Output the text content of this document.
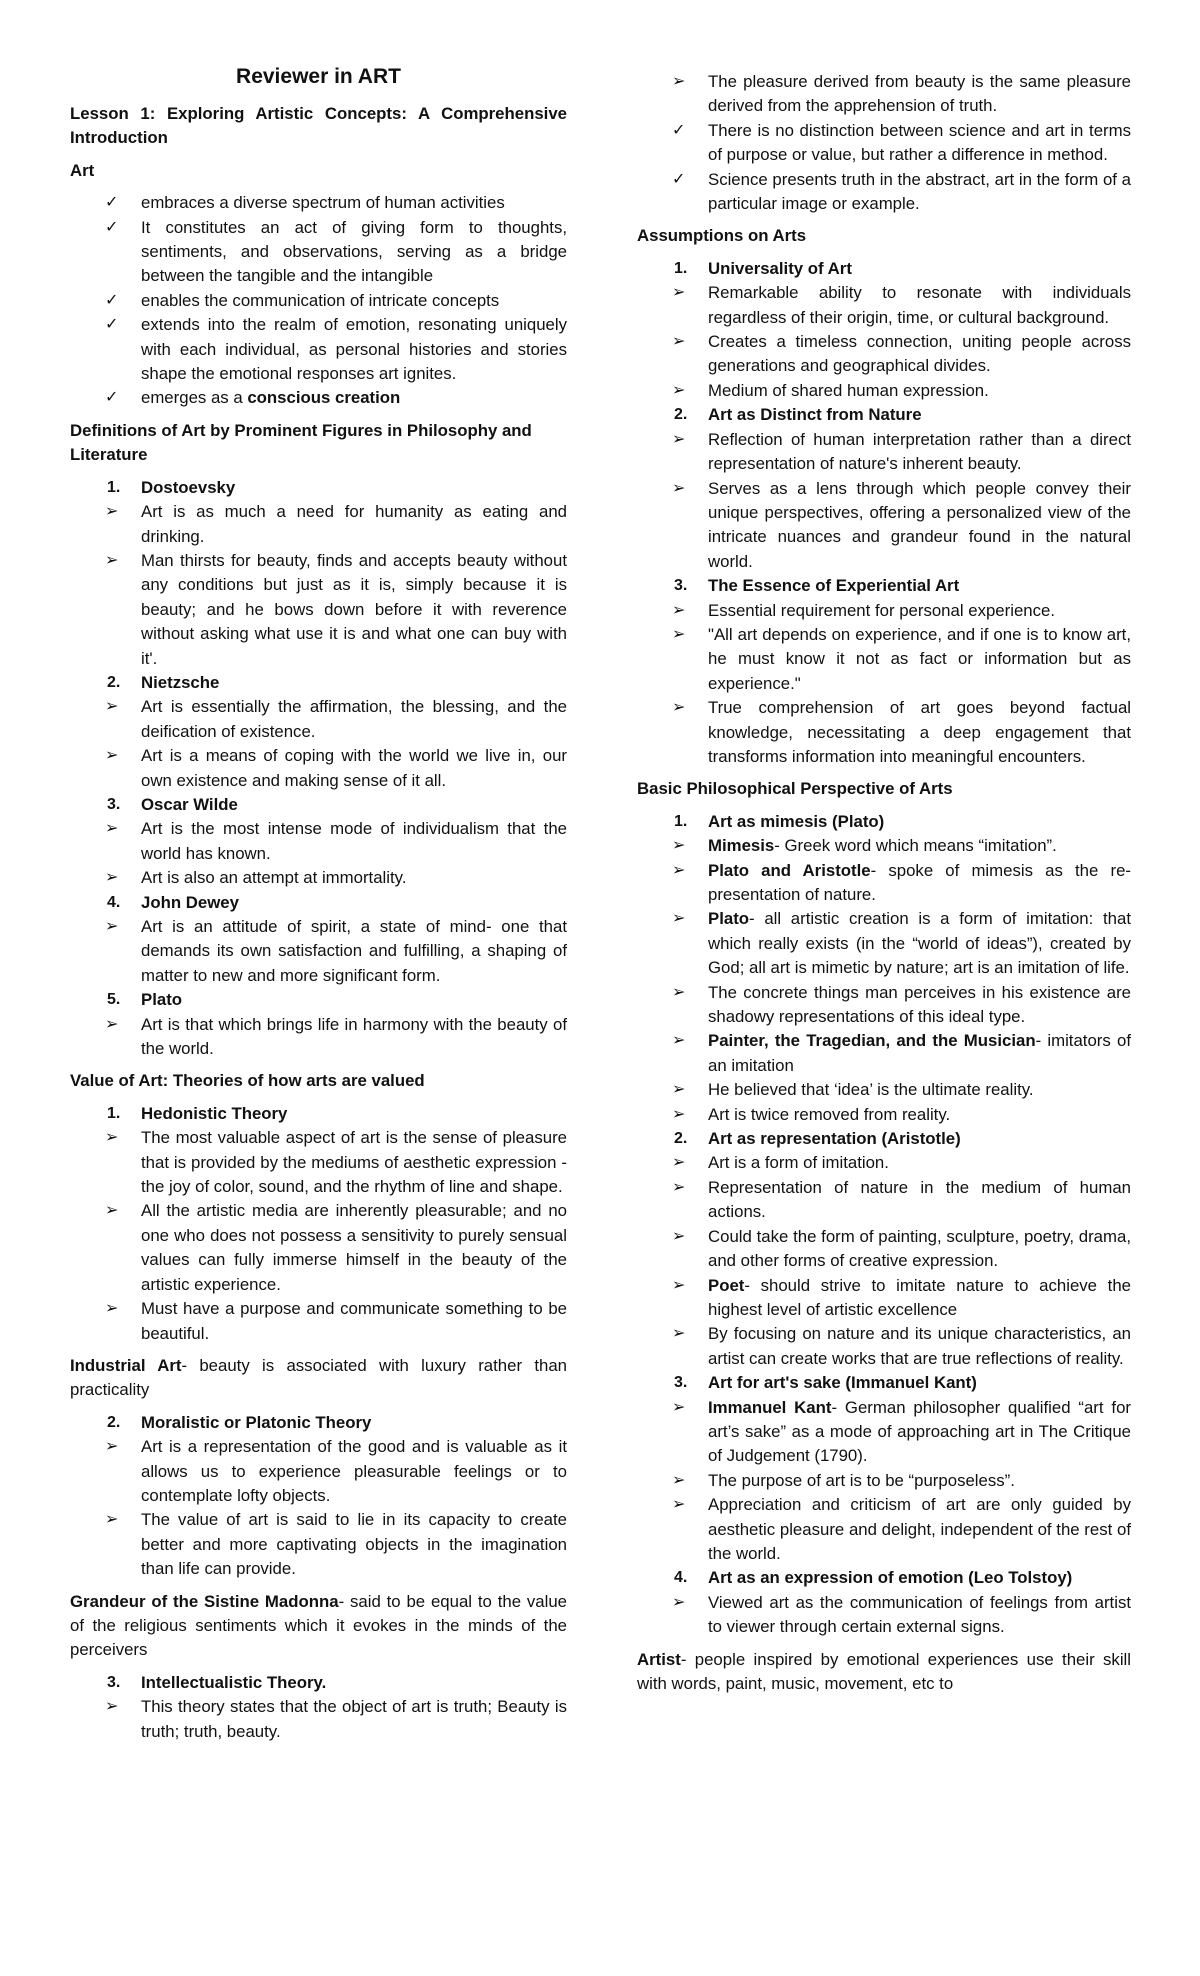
Reviewer in ART
Lesson 1: Exploring Artistic Concepts: A Comprehensive Introduction
Art
✓ embraces a diverse spectrum of human activities
✓ It constitutes an act of giving form to thoughts, sentiments, and observations, serving as a bridge between the tangible and the intangible
✓ enables the communication of intricate concepts
✓ extends into the realm of emotion, resonating uniquely with each individual, as personal histories and stories shape the emotional responses art ignites.
✓ emerges as a conscious creation
Definitions of Art by Prominent Figures in Philosophy and Literature
1. Dostoevsky
➢ Art is as much a need for humanity as eating and drinking.
➢ Man thirsts for beauty, finds and accepts beauty without any conditions but just as it is, simply because it is beauty; and he bows down before it with reverence without asking what use it is and what one can buy with it'.
2. Nietzsche
➢ Art is essentially the affirmation, the blessing, and the deification of existence.
➢ Art is a means of coping with the world we live in, our own existence and making sense of it all.
3. Oscar Wilde
➢ Art is the most intense mode of individualism that the world has known.
➢ Art is also an attempt at immortality.
4. John Dewey
➢ Art is an attitude of spirit, a state of mind- one that demands its own satisfaction and fulfilling, a shaping of matter to new and more significant form.
5. Plato
➢ Art is that which brings life in harmony with the beauty of the world.
Value of Art: Theories of how arts are valued
1. Hedonistic Theory
➢ The most valuable aspect of art is the sense of pleasure that is provided by the mediums of aesthetic expression - the joy of color, sound, and the rhythm of line and shape.
➢ All the artistic media are inherently pleasurable; and no one who does not possess a sensitivity to purely sensual values can fully immerse himself in the beauty of the artistic experience.
➢ Must have a purpose and communicate something to be beautiful.

Industrial Art- beauty is associated with luxury rather than practicality

2. Moralistic or Platonic Theory
➢ Art is a representation of the good and is valuable as it allows us to experience pleasurable feelings or to contemplate lofty objects.
➢ The value of art is said to lie in its capacity to create better and more captivating objects in the imagination than life can provide.

Grandeur of the Sistine Madonna- said to be equal to the value of the religious sentiments which it evokes in the minds of the perceivers

3. Intellectualistic Theory.
➢ This theory states that the object of art is truth; Beauty is truth; truth, beauty.
➢ The pleasure derived from beauty is the same pleasure derived from the apprehension of truth.
✓ There is no distinction between science and art in terms of purpose or value, but rather a difference in method.
✓ Science presents truth in the abstract, art in the form of a particular image or example.
Assumptions on Arts
1. Universality of Art
➢ Remarkable ability to resonate with individuals regardless of their origin, time, or cultural background.
➢ Creates a timeless connection, uniting people across generations and geographical divides.
➢ Medium of shared human expression.
2. Art as Distinct from Nature
➢ Reflection of human interpretation rather than a direct representation of nature's inherent beauty.
➢ Serves as a lens through which people convey their unique perspectives, offering a personalized view of the intricate nuances and grandeur found in the natural world.
3. The Essence of Experiential Art
➢ Essential requirement for personal experience.
➢ "All art depends on experience, and if one is to know art, he must know it not as fact or information but as experience."
➢ True comprehension of art goes beyond factual knowledge, necessitating a deep engagement that transforms information into meaningful encounters.
Basic Philosophical Perspective of Arts
1. Art as mimesis (Plato)
➢ Mimesis- Greek word which means “imitation”.
➢ Plato and Aristotle- spoke of mimesis as the re-presentation of nature.
➢ Plato- all artistic creation is a form of imitation: that which really exists (in the “world of ideas”), created by God; all art is mimetic by nature; art is an imitation of life.
➢ The concrete things man perceives in his existence are shadowy representations of this ideal type.
➢ Painter, the Tragedian, and the Musician- imitators of an imitation
➢ He believed that ‘idea’ is the ultimate reality.
➢ Art is twice removed from reality.
2. Art as representation (Aristotle)
➢ Art is a form of imitation.
➢ Representation of nature in the medium of human actions.
➢ Could take the form of painting, sculpture, poetry, drama, and other forms of creative expression.
➢ Poet- should strive to imitate nature to achieve the highest level of artistic excellence
➢ By focusing on nature and its unique characteristics, an artist can create works that are true reflections of reality.
3. Art for art's sake (Immanuel Kant)
➢ Immanuel Kant- German philosopher qualified “art for art’s sake” as a mode of approaching art in The Critique of Judgement (1790).
➢ The purpose of art is to be “purposeless”.
➢ Appreciation and criticism of art are only guided by aesthetic pleasure and delight, independent of the rest of the world.
4. Art as an expression of emotion (Leo Tolstoy)
➢ Viewed art as the communication of feelings from artist to viewer through certain external signs.

Artist- people inspired by emotional experiences use their skill with words, paint, music, movement, etc to
